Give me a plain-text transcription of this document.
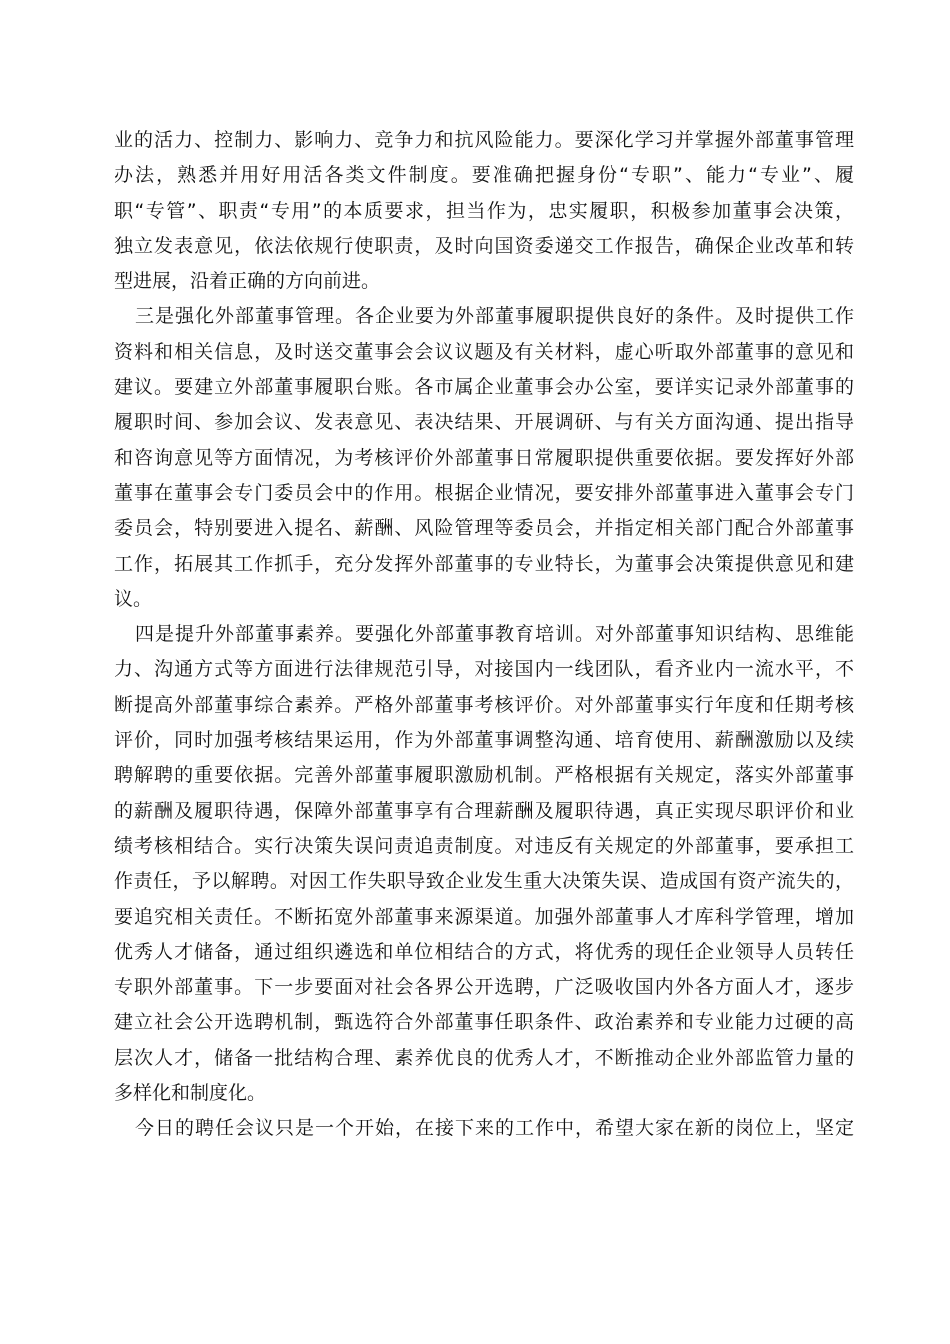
业的活力、控制力、影响力、竞争力和抗风险能力。要深化学习并掌握外部董事管理
办法，熟悉并用好用活各类文件制度。要准确把握身份“专职”、能力“专业”、履
职“专管”、职责“专用”的本质要求，担当作为，忠实履职，积极参加董事会决策，
独立发表意见，依法依规行使职责，及时向国资委递交工作报告，确保企业改革和转
型进展，沿着正确的方向前进。
三是强化外部董事管理。各企业要为外部董事履职提供良好的条件。及时提供工作
资料和相关信息，及时送交董事会会议议题及有关材料，虚心听取外部董事的意见和
建议。要建立外部董事履职台账。各市属企业董事会办公室，要详实记录外部董事的
履职时间、参加会议、发表意见、表决结果、开展调研、与有关方面沟通、提出指导
和咨询意见等方面情况，为考核评价外部董事日常履职提供重要依据。要发挥好外部
董事在董事会专门委员会中的作用。根据企业情况，要安排外部董事进入董事会专门
委员会，特别要进入提名、薪酬、风险管理等委员会，并指定相关部门配合外部董事
工作，拓展其工作抓手，充分发挥外部董事的专业特长，为董事会决策提供意见和建
议。
四是提升外部董事素养。要强化外部董事教育培训。对外部董事知识结构、思维能
力、沟通方式等方面进行法律规范引导，对接国内一线团队，看齐业内一流水平，不
断提高外部董事综合素养。严格外部董事考核评价。对外部董事实行年度和任期考核
评价，同时加强考核结果运用，作为外部董事调整沟通、培育使用、薪酬激励以及续
聘解聘的重要依据。完善外部董事履职激励机制。严格根据有关规定，落实外部董事
的薪酬及履职待遇，保障外部董事享有合理薪酬及履职待遇，真正实现尽职评价和业
绩考核相结合。实行决策失误问责追责制度。对违反有关规定的外部董事，要承担工
作责任，予以解聘。对因工作失职导致企业发生重大决策失误、造成国有资产流失的，
要追究相关责任。不断拓宽外部董事来源渠道。加强外部董事人才库科学管理，增加
优秀人才储备，通过组织遴选和单位相结合的方式，将优秀的现任企业领导人员转任
专职外部董事。下一步要面对社会各界公开选聘，广泛吸收国内外各方面人才，逐步
建立社会公开选聘机制，甄选符合外部董事任职条件、政治素养和专业能力过硬的高
层次人才，储备一批结构合理、素养优良的优秀人才，不断推动企业外部监管力量的
多样化和制度化。
今日的聘任会议只是一个开始，在接下来的工作中，希望大家在新的岗位上，坚定
